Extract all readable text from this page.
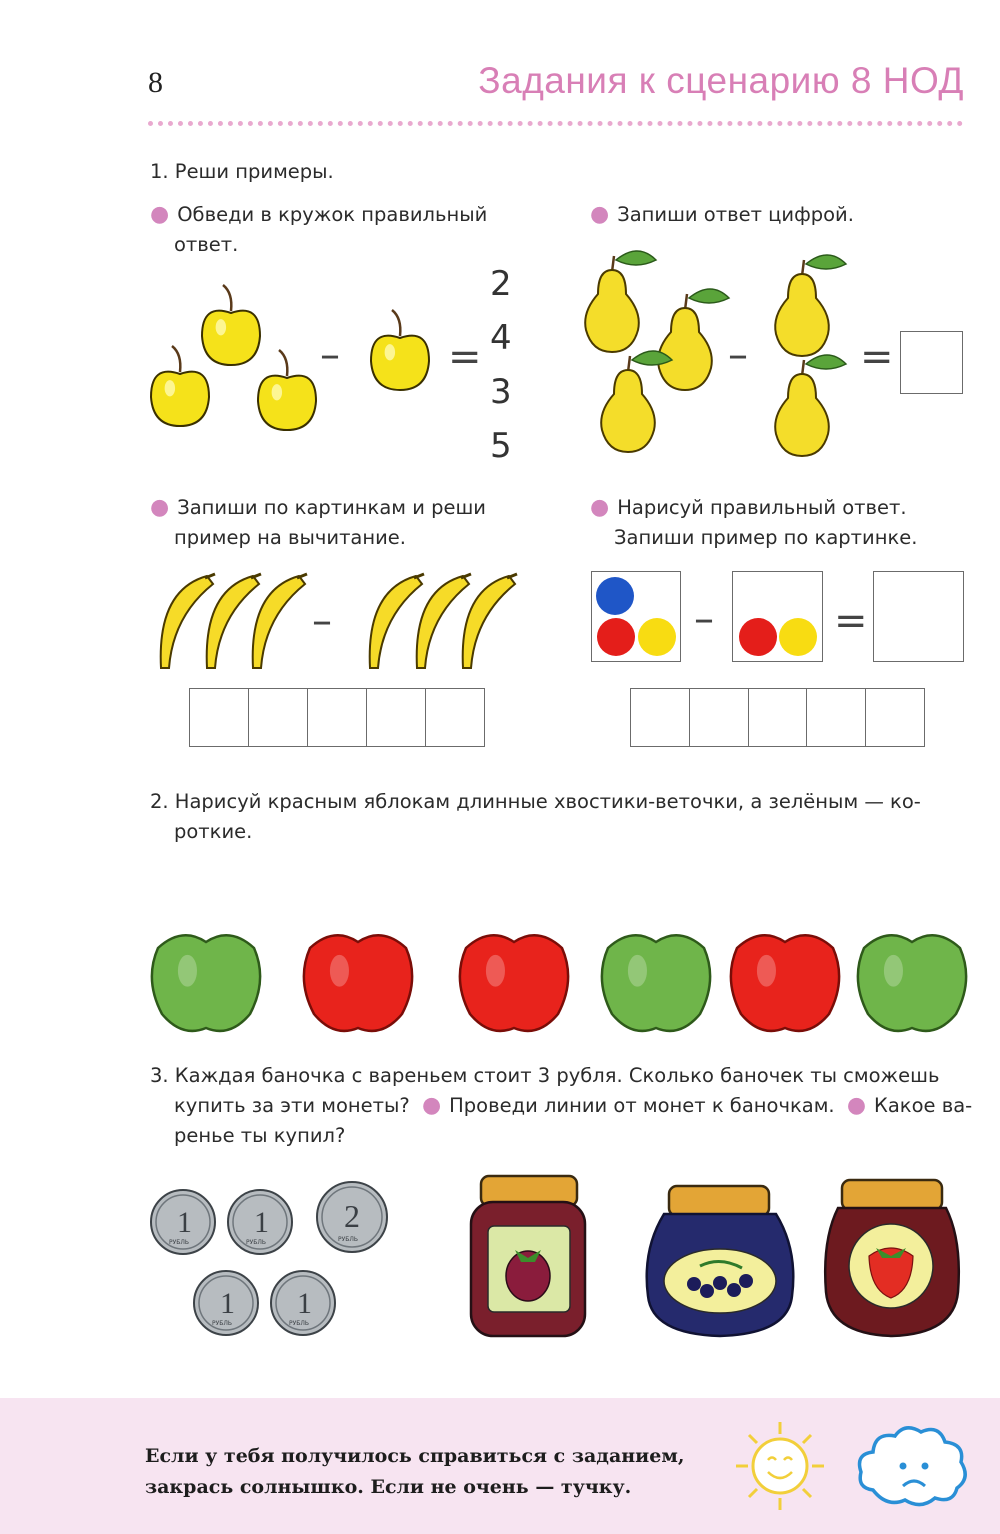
8	Задания к сценарию 8 НОД
1. Реши примеры.
● Обведи в кружок правильный
ответ.
● Запиши ответ цифрой.
–	=
2
4
3
5
–	=
● Запиши по картинкам и реши
пример на вычитание.
● Нарисуй правильный ответ.
Запиши пример по картинке.
–	–	=
2. Нарисуй красным яблокам длинные хвостики-веточки, а зелёным — ко-
роткие.
3. Каждая баночка с вареньем стоит 3 рубля. Сколько баночек ты сможешь
купить за эти монеты? ● Проведи линии от монет к баночкам. ● Какое ва-
ренье ты купил?
1
РУБЛЬ
1
РУБЛЬ
2
РУБЛЬ
1
РУБЛЬ
1
РУБЛЬ
Если у тебя получилось справиться с заданием,
закрась солнышко. Если не очень — тучку.
